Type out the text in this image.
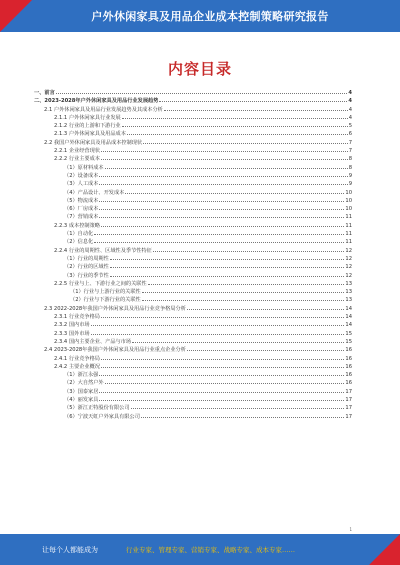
户外休闲家具及用品企业成本控制策略研究报告
内容目录
一、前言	4
二、2023-2028年户外休闲家具及用品行业发展趋势	4
2.1 户外休闲家具及用品行业发展趋势及其成本分析	4
2.1.1 户外休闲家具行业发展	4
2.1.2 行业的上游和下游行业	5
2.1.3 户外休闲家具及用品成本	6
2.2 我国户外休闲家具及用品成本控制现状	7
2.2.1 企业经营现状	7
2.2.2 行业主要成本	8
（1）原材料成本	8
（2）设备成本	9
（3）人工成本	9
（4）产品设计、开发成本	10
（5）物流成本	10
（6）厂房成本	10
（7）营销成本	11
2.2.3 成本控制策略	11
（1）自动化	11
（2）信息化	11
2.2.4 行业的周期性、区域性及季节性特征	12
（1）行业的周期性	12
（2）行业的区域性	12
（3）行业的季节性	12
2.2.5 行业与上、下游行业之间的关联性	13
（1）行业与上游行业的关联性	13
（2）行业与下游行业的关联性	13
2.3 2022-2028年我国户外休闲家具及用品行业竞争格局分析	14
2.3.1 行业竞争格局	14
2.3.2 国内市场	14
2.3.3 国外市场	15
2.3.4 国内主要企业、产品与市场	15
2.4 2023-2028年我国户外休闲家具及用品行业重点企业分析	16
2.4.1 行业竞争格局	16
2.4.2 主要企业概况	16
（1）浙江永强	16
（2）大自然户外	16
（3）国泰家居	17
（4）丽发家具	17
（5）浙江正特股份有限公司	17
（6）宁波天虹户外家具有限公司	17
1
让每个人都能成为	行业专家、管理专家、营销专家、战略专家、成本专家……
